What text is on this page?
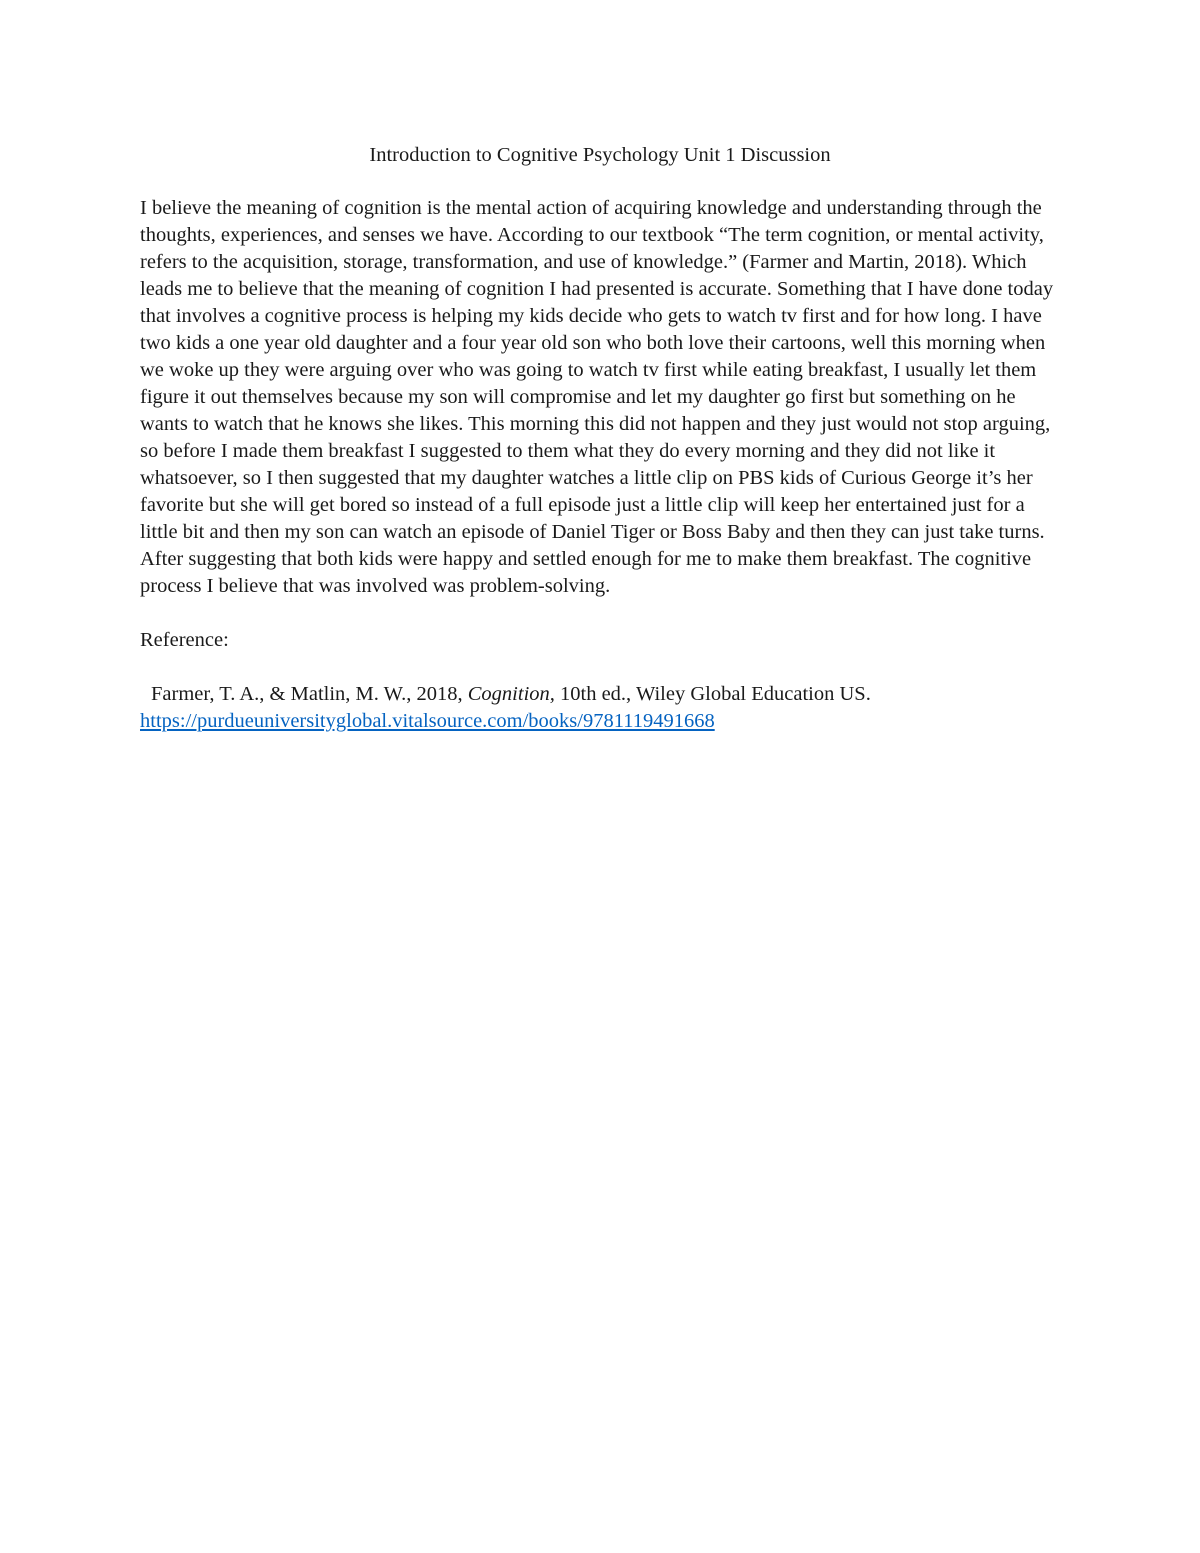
Introduction to Cognitive Psychology Unit 1 Discussion

I believe the meaning of cognition is the mental action of acquiring knowledge and understanding through the thoughts, experiences, and senses we have. According to our textbook “The term cognition, or mental activity, refers to the acquisition, storage, transformation, and use of knowledge.” (Farmer and Martin, 2018). Which leads me to believe that the meaning of cognition I had presented is accurate. Something that I have done today that involves a cognitive process is helping my kids decide who gets to watch tv first and for how long. I have two kids a one year old daughter and a four year old son who both love their cartoons, well this morning when we woke up they were arguing over who was going to watch tv first while eating breakfast, I usually let them figure it out themselves because my son will compromise and let my daughter go first but something on he wants to watch that he knows she likes. This morning this did not happen and they just would not stop arguing, so before I made them breakfast I suggested to them what they do every morning and they did not like it whatsoever, so I then suggested that my daughter watches a little clip on PBS kids of Curious George it’s her favorite but she will get bored so instead of a full episode just a little clip will keep her entertained just for a little bit and then my son can watch an episode of Daniel Tiger or Boss Baby and then they can just take turns. After suggesting that both kids were happy and settled enough for me to make them breakfast. The cognitive process I believe that was involved was problem-solving.

Reference:

Farmer, T. A., & Matlin, M. W., 2018, Cognition, 10th ed., Wiley Global Education US. https://purdueuniversityglobal.vitalsource.com/books/9781119491668
